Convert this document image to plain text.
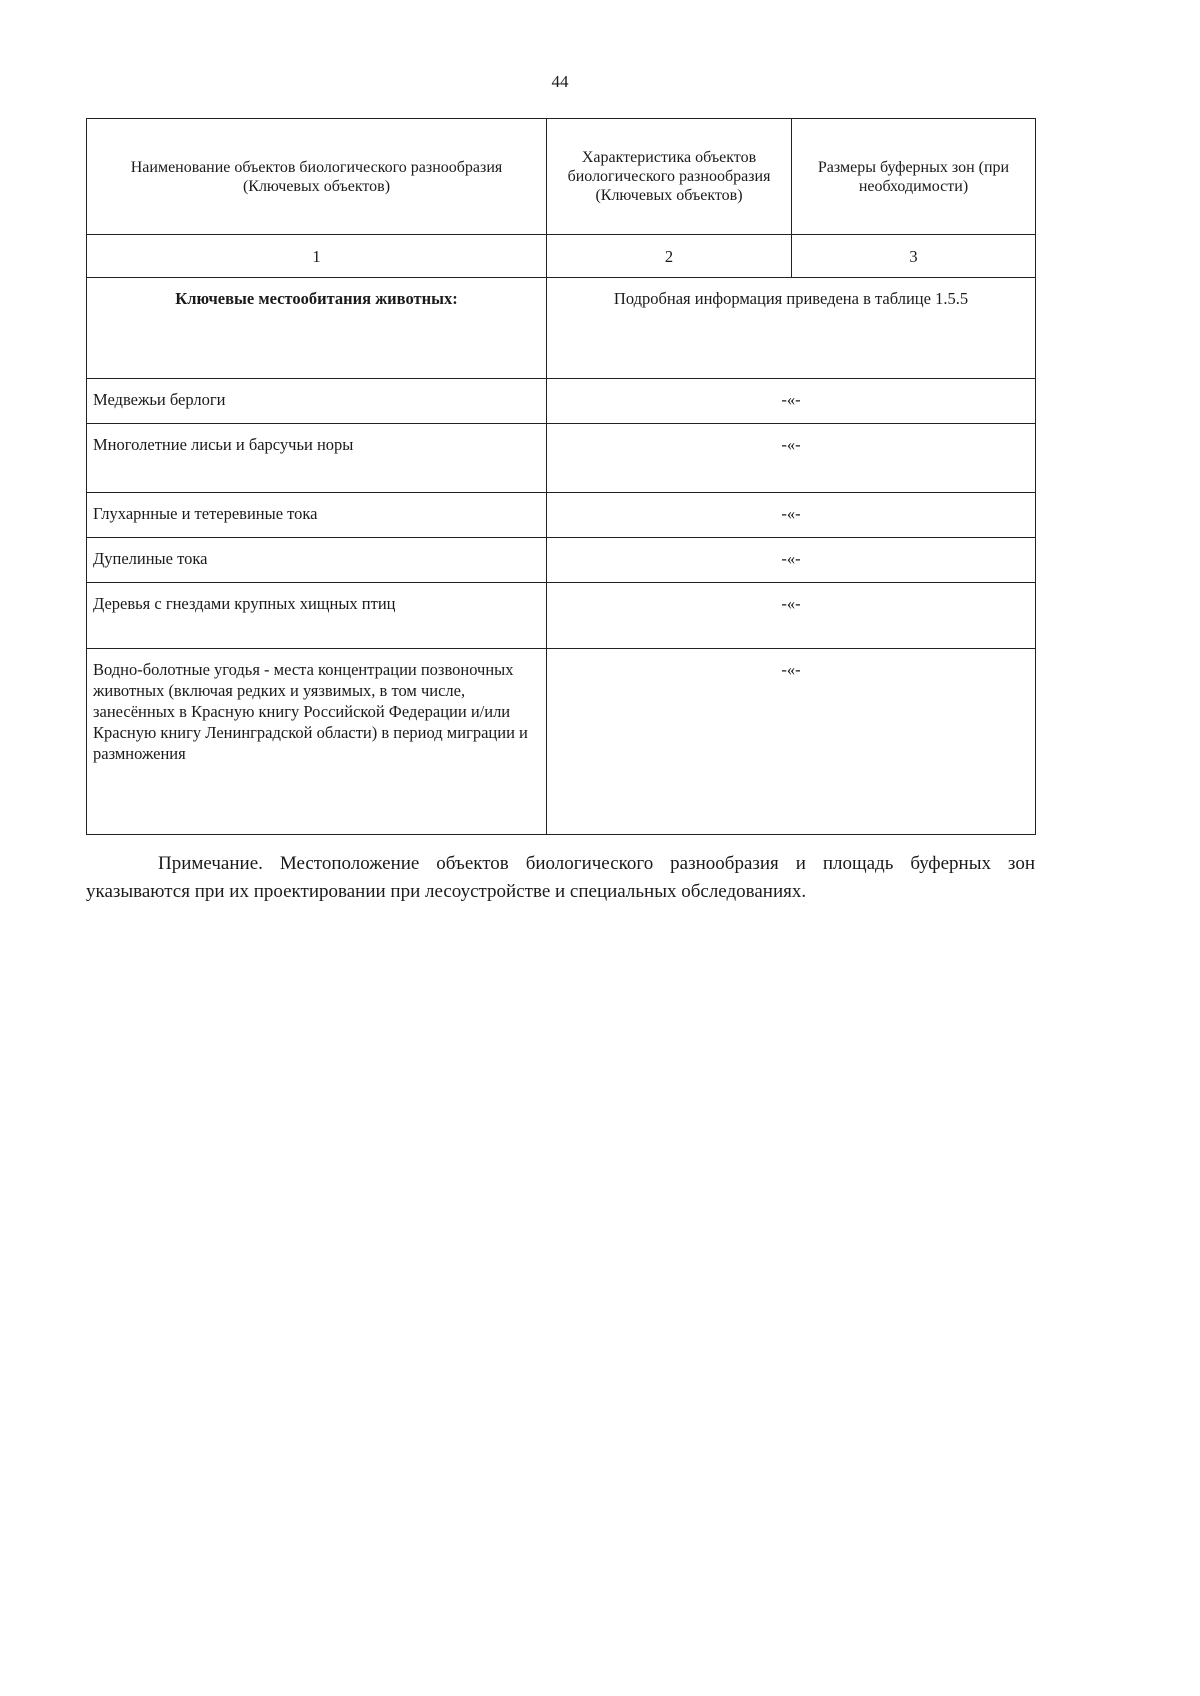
44
Наименование объектов биологического разнообразия (Ключевых объектов)	Характеристика объектов биологического разнообразия (Ключевых объектов)	Размеры буферных зон (при необходимости)
1	2	3
Ключевые местообитания животных:	Подробная информация приведена в таблице 1.5.5	
Медвежьи берлоги	-«-	
Многолетние лисьи и барсучьи норы	-«-	
Глухарнные и тетеревиные тока	-«-	
Дупелиные тока	-«-	
Деревья с гнездами крупных хищных птиц	-«-	
Водно-болотные угодья - места концентрации позвоночных животных (включая редких и уязвимых, в том числе, занесённых в Красную книгу Российской Федерации и/или Красную книгу Ленинградской области) в период миграции и размножения	-«-	

Примечание. Местоположение объектов биологического разнообразия и площадь буферных зон указываются при их проектировании при лесоустройстве и специальных обследованиях.
